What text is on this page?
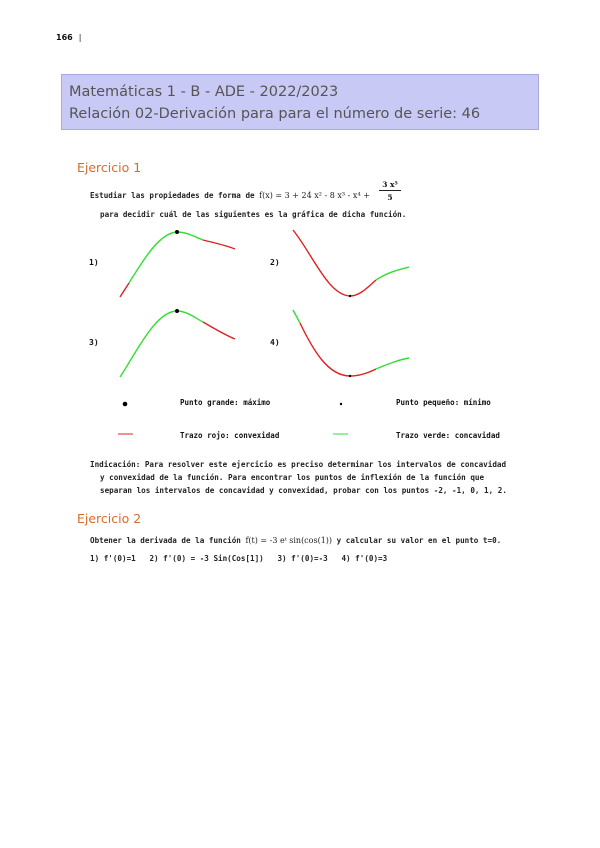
166 |
Matemáticas 1 - B - ADE - 2022/2023
Relación 02-Derivación para para el número de serie: 46
Ejercicio 1
Estudiar las propiedades de forma de f(x) = 3 + 24 x² - 8 $x^3 - x^4 + \frac{\text{3 x⁵}}{5}$
para decidir cuál de las siguientes es la gráfica de dicha función.
1)	2)
3)	4)
Punto grande: máximo	Punto pequeño: mínimo
Trazo rojo: convexidad	Trazo verde: concavidad
Indicación: Para resolver este ejercicio es preciso determinar los intervalos de concavidad
y convexidad de la función. Para encontrar los puntos de inflexión de la función que
separan los intervalos de concavidad y convexidad, probar con los puntos -2, -1, 0, 1, 2.
Ejercicio 2
Obtener la derivada de la función f(t) = -3 eᵗ sin(cos(1)) y calcular su valor en el punto t=0.
1) f'(0)=1 2) f'(0) = -3 Sin(Cos[1]) 3) f'(0)=-3 4) f'(0)=3
